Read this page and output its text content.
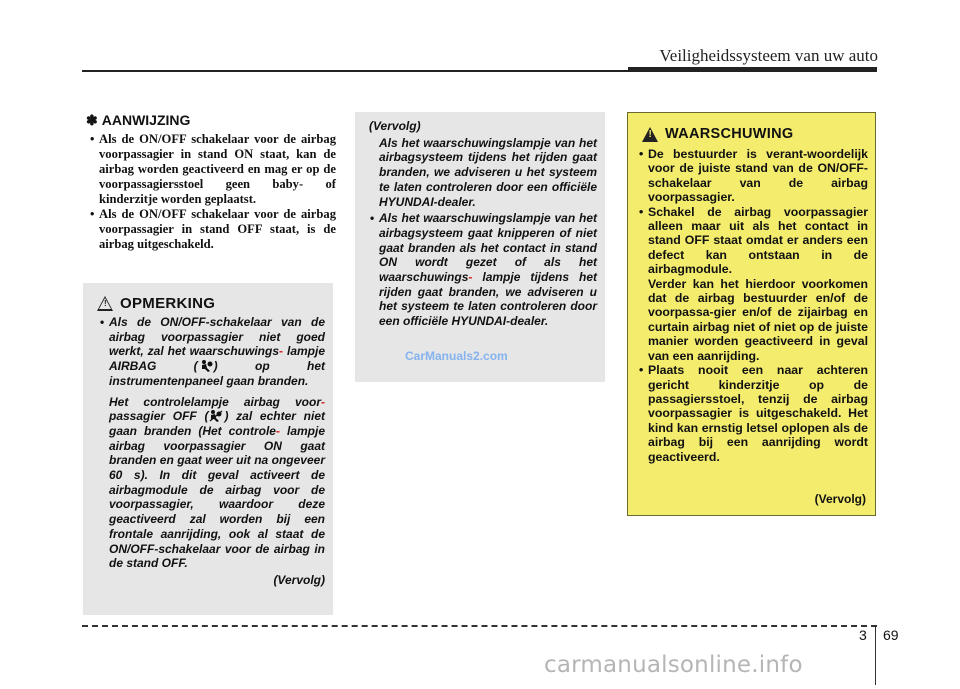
Veiligheidssysteem van uw auto
✽ AANWIJZING
• Als de ON/OFF schakelaar voor de airbag voorpassagier in stand ON staat, kan de airbag worden geactiveerd en mag er op de voorpassagiersstoel geen baby- of kinderzitje worden geplaatst.
• Als de ON/OFF schakelaar voor de airbag voorpassagier in stand OFF staat, is de airbag uitgeschakeld.
! OPMERKING

• Als de ON/OFF-schakelaar van de airbag voorpassagier niet goed werkt, zal het waarschuwings- lampje AIRBAG ( ) op het instrumentenpaneel gaan branden.

Het controlelampje airbag voor- passagier OFF ( ) zal echter niet gaan branden (Het controle- lampje airbag voorpassagier ON gaat branden en gaat weer uit na ongeveer 60 s). In dit geval activeert de airbagmodule de airbag voor de voorpassagier, waardoor deze geactiveerd zal worden bij een frontale aanrijding, ook al staat de ON/OFF-schakelaar voor de airbag in de stand OFF.

(Vervolg)

(Vervolg)

Als het waarschuwingslampje van het airbagsysteem tijdens het rijden gaat branden, we adviseren u het systeem te laten controleren door een officiële HYUNDAI-dealer.

• Als het waarschuwingslampje van het airbagsysteem gaat knipperen of niet gaat branden als het contact in stand ON wordt gezet of als het waarschuwings- lampje tijdens het rijden gaat branden, we adviseren u het systeem te laten controleren door een officiële HYUNDAI-dealer.

CarManuals2.com
! WAARSCHUWING
• De bestuurder is verant-woordelijk voor de juiste stand van de ON/OFF-schakelaar van de airbag voorpassagier.
• Schakel de airbag voorpassagier alleen maar uit als het contact in stand OFF staat omdat er anders een defect kan ontstaan in de airbagmodule.
Verder kan het hierdoor voorkomen dat de airbag bestuurder en/of de voorpassa-gier en/of de zijairbag en curtain airbag niet of niet op de juiste manier worden geactiveerd in geval van een aanrijding.
• Plaats nooit een naar achteren gericht kinderzitje op de passagiersstoel, tenzij de airbag voorpassagier is uitgeschakeld. Het kind kan ernstig letsel oplopen als de airbag bij een aanrijding wordt geactiveerd.
(Vervolg)
3 69
carmanualsonline.info
